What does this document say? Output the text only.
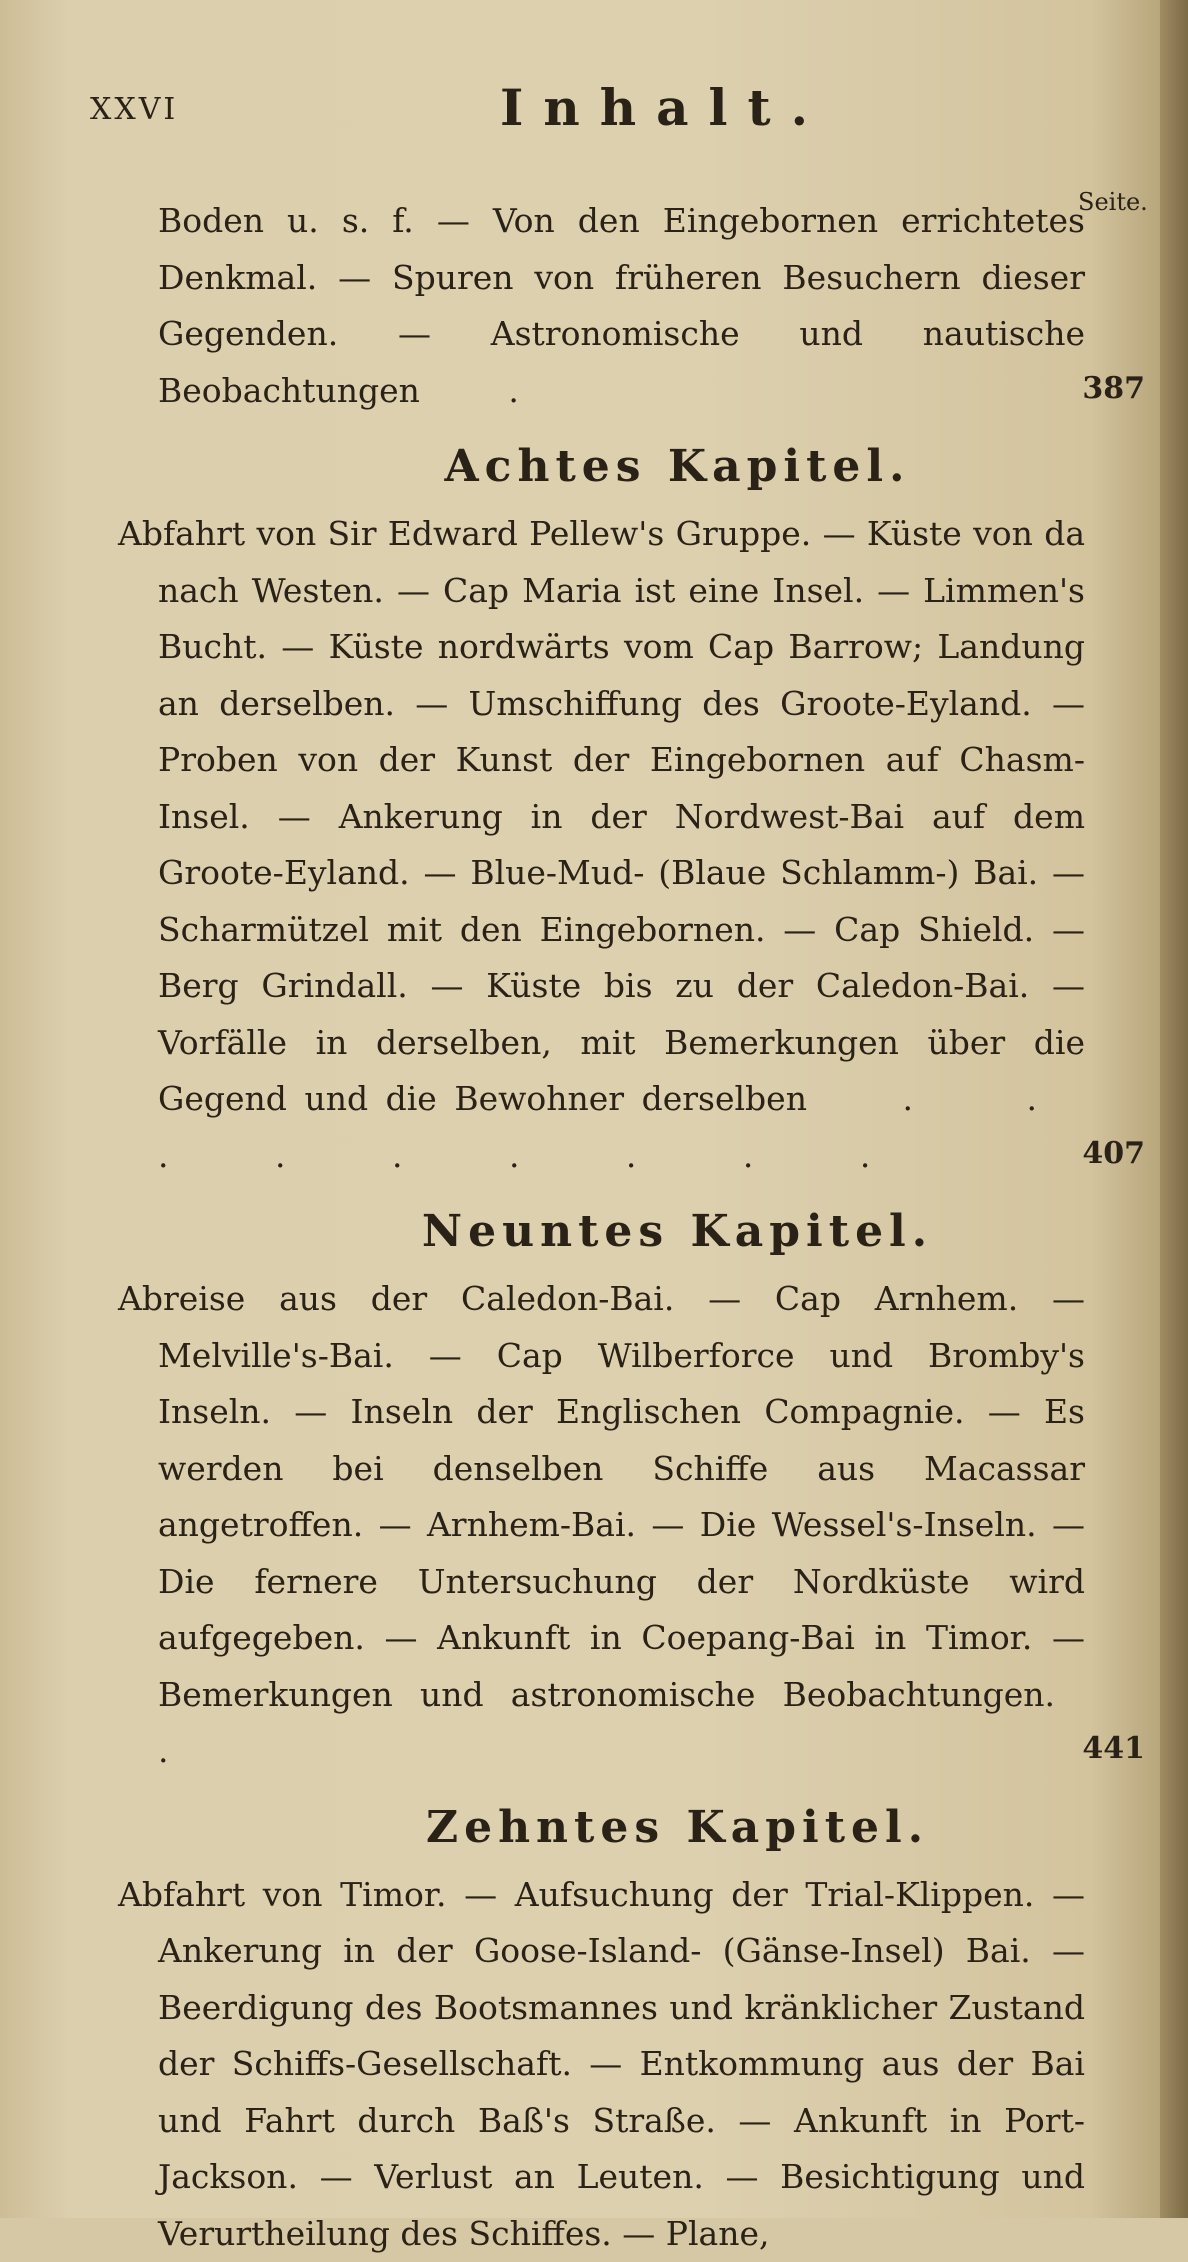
XXVI	Inhalt.
Seite.

Boden u. s. f. — Von den Eingebornen errichtetes Denkmal. — Spuren von früheren Besuchern dieser Gegenden. — Astronomische und nautische Beobachtungen .	387

Achtes Kapitel.

Abfahrt von Sir Edward Pellew's Gruppe. — Küste von da nach Westen. — Cap Maria ist eine Insel. — Limmen's Bucht. — Küste nordwärts vom Cap Barrow; Landung an derselben. — Umschiffung des Groote-Eyland. — Proben von der Kunst der Eingebornen auf Chasm-Insel. — Ankerung in der Nordwest-Bai auf dem Groote-Eyland. — Blue-Mud- (Blaue Schlamm-) Bai. — Scharmützel mit den Eingebornen. — Cap Shield. — Berg Grindall. — Küste bis zu der Caledon-Bai. — Vorfälle in derselben, mit Bemerkungen über die Gegend und die Bewohner derselben . . . . . . . . .	407

Neuntes Kapitel.

Abreise aus der Caledon-Bai. — Cap Arnhem. — Melville's-Bai. — Cap Wilberforce und Bromby's Inseln. — Inseln der Englischen Compagnie. — Es werden bei denselben Schiffe aus Macassar angetroffen. — Arnhem-Bai. — Die Wessel's-Inseln. — Die fernere Untersuchung der Nordküste wird aufgegeben. — Ankunft in Coepang-Bai in Timor. — Bemerkungen und astronomische Beobachtungen. .	441

Zehntes Kapitel.

Abfahrt von Timor. — Aufsuchung der Trial-Klippen. — Ankerung in der Goose-Island- (Gänse-Insel) Bai. — Beerdigung des Bootsmannes und kränklicher Zustand der Schiffs-Gesellschaft. — Entkommung aus der Bai und Fahrt durch Baß's Straße. — Ankunft in Port-Jackson. — Verlust an Leuten. — Besichtigung und Verurtheilung des Schiffes. — Plane,
